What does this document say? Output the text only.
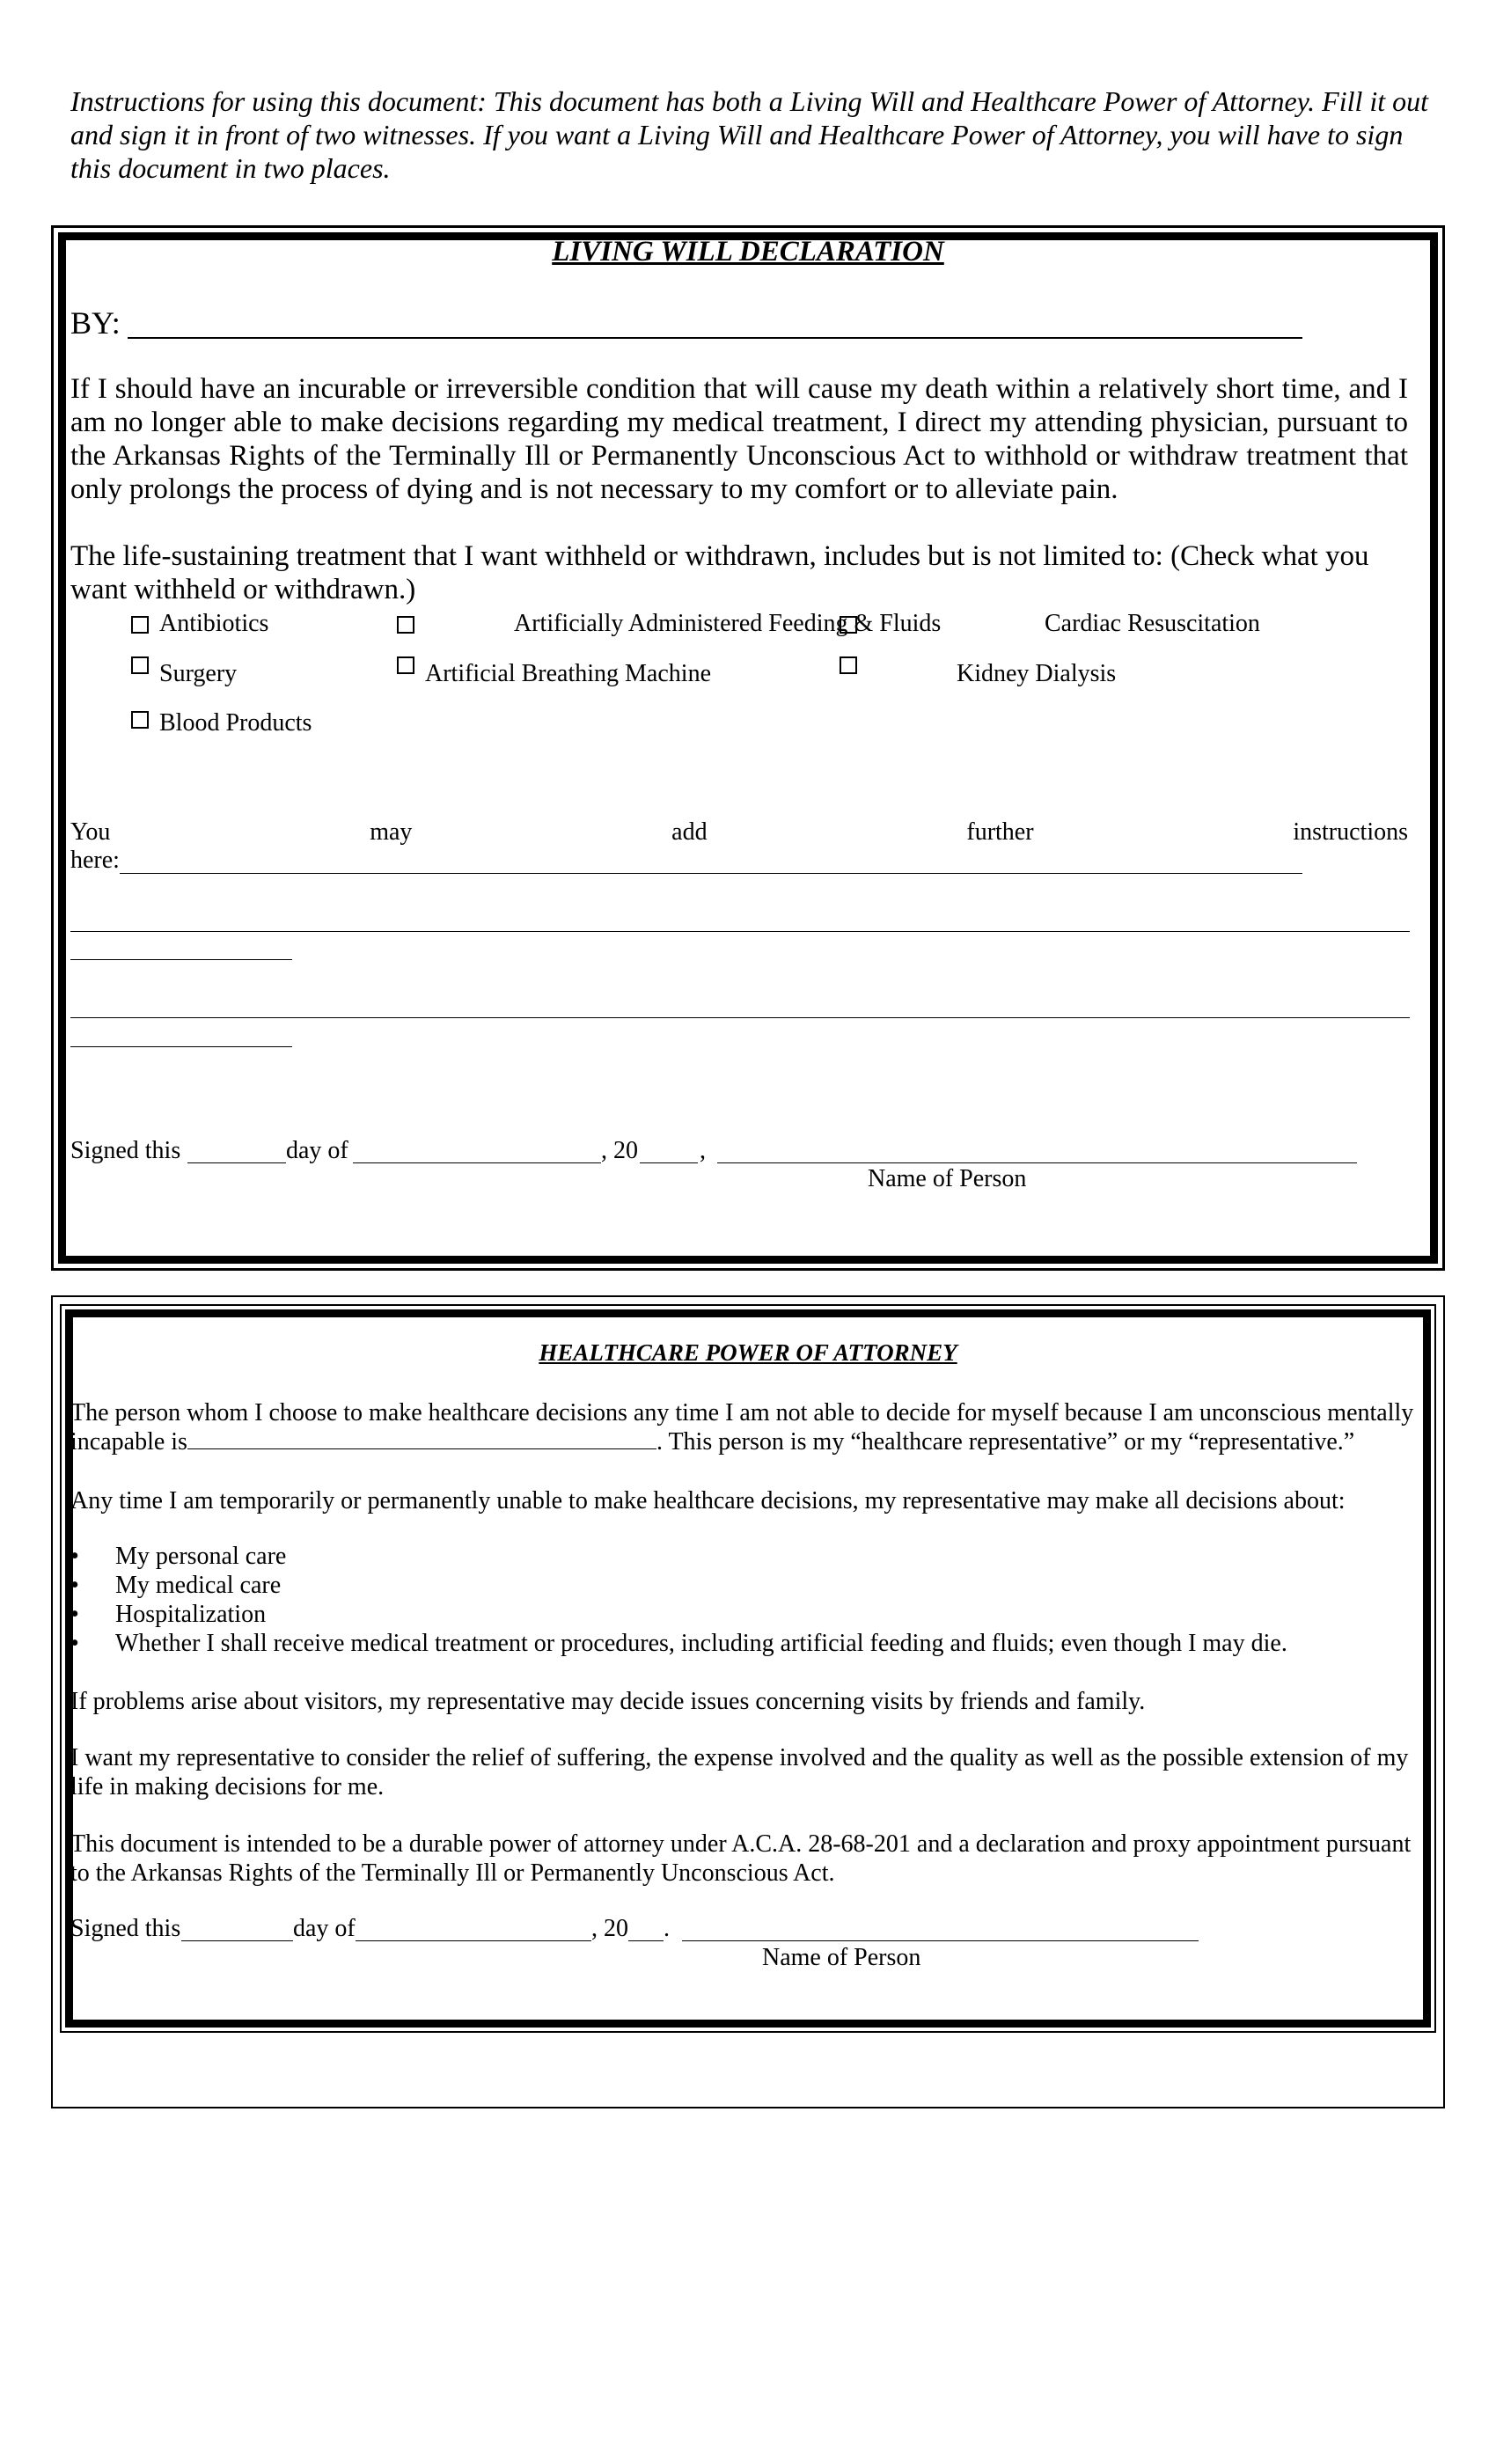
Instructions for using this document: This document has both a Living Will and Healthcare Power of Attorney. Fill it out and sign it in front of two witnesses. If you want a Living Will and Healthcare Power of Attorney, you will have to sign this document in two places.
LIVING WILL DECLARATION
BY:
If I should have an incurable or irreversible condition that will cause my death within a relatively short time, and I am no longer able to make decisions regarding my medical treatment, I direct my attending physician, pursuant to the Arkansas Rights of the Terminally Ill or Permanently Unconscious Act to withhold or withdraw treatment that only prolongs the process of dying and is not necessary to my comfort or to alleviate pain.
The life-sustaining treatment that I want withheld or withdrawn, includes but is not limited to: (Check what you want withheld or withdrawn.)
Antibiotics	Artificially Administered Feeding & Fluids	Cardiac Resuscitation
Surgery	Artificial Breathing Machine	Kidney Dialysis
Blood Products
You	may	add	further	instructions
here:
Signed this	day of	, 20	,
Name of Person
HEALTHCARE POWER OF ATTORNEY
The person whom I choose to make healthcare decisions any time I am not able to decide for myself because I am unconscious mentally incapable is	. This person is my “healthcare representative” or my “representative.”
Any time I am temporarily or permanently unable to make healthcare decisions, my representative may make all decisions about:
• My personal care
• My medical care
• Hospitalization
• Whether I shall receive medical treatment or procedures, including artificial feeding and fluids; even though I may die.
If problems arise about visitors, my representative may decide issues concerning visits by friends and family.
I want my representative to consider the relief of suffering, the expense involved and the quality as well as the possible extension of my life in making decisions for me.
This document is intended to be a durable power of attorney under A.C.A. 28-68-201 and a declaration and proxy appointment pursuant to the Arkansas Rights of the Terminally Ill or Permanently Unconscious Act.
Signed this	day of	, 20 .
Name of Person
